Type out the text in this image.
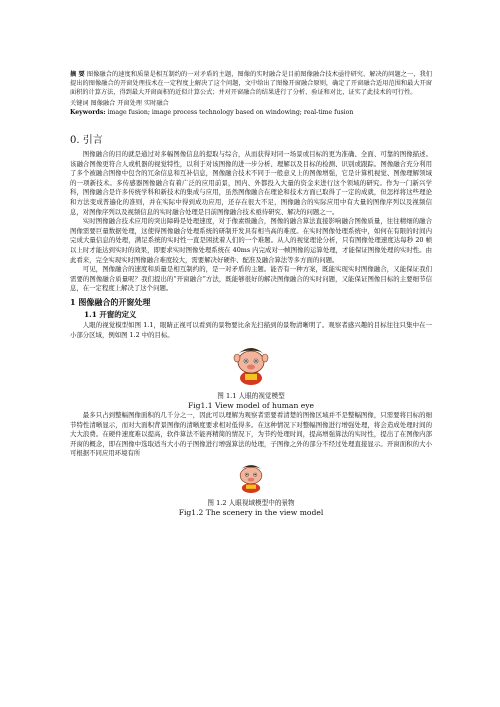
摘 要 图像融合的速度和质量是相互制约的一对矛盾的主题，图像的实时融合是目前图像融合技术亟待研究、解决的问题之一，我们提出的图像融合的开窗处理技术在一定程度上解决了这个问题，文中给出了图像开窗融合原则，确定了开窗融合适用范围和最大开窗面积的计算方法，得到最大开窗面积的近似计算公式；并对开窗融合的结果进行了分析、验证和对比，证实了此技术的可行性。
关键词 图像融合 开窗处理 实时融合
Keywords: image fusion; image process technology based on windowing; real-time fusion
0. 引言

图像融合的目的就是通过对多幅图像信息的提取与综合，从而获得对同一场景或目标的更为准确、全面、可靠的图像描述。该融合图像更符合人或机器的视觉特性，以利于对该图像的进一步分析、理解以及目标的检测、识别或跟踪。图像融合充分利用了多个被融合图像中包含的冗余信息和互补信息，图像融合技术不同于一般意义上的图像增强，它是计算机视觉、图像理解领域的一项新技术。多传感器图像融合有着广泛的应用前景，国内、外都投入大量的资金来进行这个领域的研究。作为一门新兴学科，图像融合是许多传统学科和新技术的集成与应用，虽然图像融合在理论和技术方面已取得了一定的成就，但怎样将这些理论和方法变成普遍化的准则，并在实际中得到成功应用，还存在很大不足，图像融合的实际应用中有大量的图像序列以及视频信息，对图像序列以及视频信息的实时融合处理是目前图像融合技术亟待研究、解决的问题之一。

实时图像融合技术应用的突出障碍是处理速度，对于像素级融合，图像的融合算法直接影响融合图像质量，往往精细的融合图像需要巨量数据处理，这使得图像融合处理系统的研制开发具有相当高的难度。在实时图像处理系统中，如何在有限的时间内完成大量信息的处理，满足系统的实时性一直是困扰着人们的一个难题。从人的视觉理论分析，只有图像处理速度达每秒 20 帧以上时才能达到实时的效果，即要求实时图像处理系统在 40ms 内完成对一帧图像的运算处理，才能保证图像处理的实时性。由此看来，完全实现实时图像融合难度较大，需要解决好硬件、配准及融合算法等多方面的问题。

可见，图像融合的速度和质量是相互制约的，是一对矛盾的主题。能否有一种方案，既能实现实时图像融合，又能保证我们需要的图像融合质量呢？我们提出的“开窗融合”方法，既能够很好的解决图像融合的实时问题，又能保证图像目标的主要细节信息，在一定程度上解决了这个问题。

1 图像融合的开窗处理
1.1 开窗的定义

人眼的视觉模型如图 1.1，眼睛正视可以看到的景物要比余光扫描到的景物清晰明了。观察者感兴趣的目标往往只集中在一小部分区域，例如图 1.2 中的目标。

图 1.1 人眼的视觉模型
Fig1.1 View model of human eye

最多只占到整幅图像面积的几千分之一，因此可以理解为观察者需要看清楚的图像区域并不是整幅图像，只需要将目标的细节特性清晰显示，而对大面积背景图像的清晰度要求相对低得多。在这种情况下对整幅图像进行增强处理，将会造成处理时间的大大浪费。在硬件速度难以提高，软件算法不能再精简的情况下，为节约处理时间，提高增强算法的实时性，提出了在图像内部开窗的概念，即在图像中选取适当大小的子图像进行增强算法的处理，子图像之外的部分不经过处理直接显示。开窗面积的大小可根据不同应用环境有所

图 1.2 人眼视域模型中的景物
Fig1.2 The scenery in the view model
